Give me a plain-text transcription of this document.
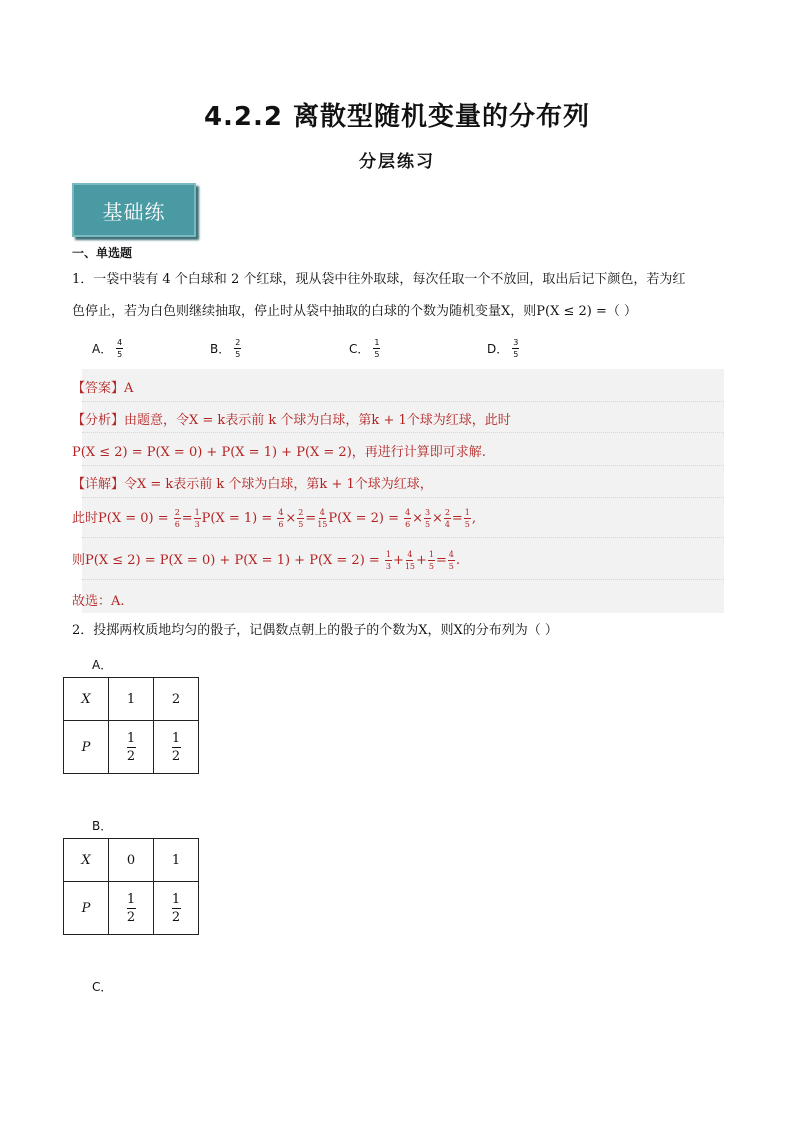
4.2.2 离散型随机变量的分布列
分层练习
基础练
一、单选题
1．一袋中装有 4 个白球和 2 个红球，现从袋中往外取球，每次任取一个不放回，取出后记下颜色，若为红
色停止，若为白色则继续抽取，停止时从袋中抽取的白球的个数为随机变量X，则P(X ≤ 2) =（ ）
A． $\frac{4}{5}$	B． $\frac{2}{5}$	C． $\frac{1}{5}$	D． $\frac{3}{5}$
【答案】A
【分析】由题意，令X = k表示前 k 个球为白球，第k + 1个球为红球，此时
P(X ≤ 2) = P(X = 0) + P(X = 1) + P(X = 2)，再进行计算即可求解.
【详解】令X = k表示前 k 个球为白球，第k + 1个球为红球，
此时$P(X = 0) = \frac{2}{6} = \frac{1}{3} P(X = 1) = \frac{4}{6} \times \frac{2}{5} = \frac{4}{15} P(X = 2) = \frac{4}{6} \times \frac{3}{5} \times \frac{2}{4} = \frac{1}{5}$ ,
则$P(X \le 2) = P(X = 0) + P(X = 1) + P(X = 2) = \frac{1}{3} + \frac{4}{15} + \frac{1}{5} = \frac{4}{5}$ .
故选：A.
2．投掷两枚质地均匀的骰子，记偶数点朝上的骰子的个数为X，则X的分布列为（ ）
A．
X	1	2
P	$\frac{1}{2}$	$\frac{1}{2}$
B．
X	0	1
P	$\frac{1}{2}$	$\frac{1}{2}$
C．
